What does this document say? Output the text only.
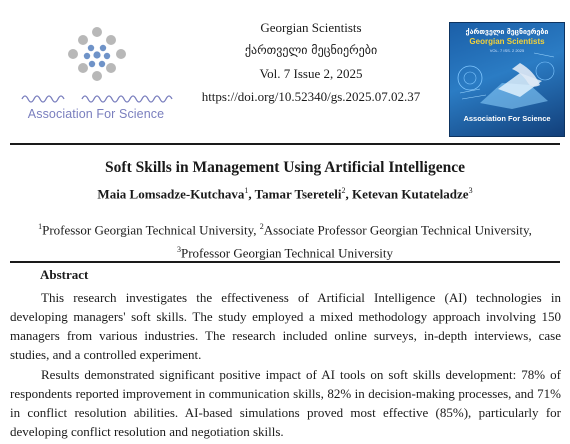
Association For Science
Georgian Scientists
ქართველი მეცნიერები
Vol. 7 Issue 2, 2025
https://doi.org/10.52340/gs.2025.07.02.37
ქართველი მეცნიერები
Georgian Scientists
VOL. 7 ISS. 2 2025
Association For Science
Soft Skills in Management Using Artificial Intelligence
Maia Lomsadze-Kutchava$^1$, Tamar Tsereteli$^2$, Ketevan Kutateladze$^3$
$^1$Professor Georgian Technical University, $^2$Associate Professor Georgian Technical University,
$^3$Professor Georgian Technical University
Abstract

This research investigates the effectiveness of Artificial Intelligence (AI) technologies in developing managers' soft skills. The study employed a mixed methodology approach involving 150 managers from various industries. The research included online surveys, in-depth interviews, case studies, and a controlled experiment.

Results demonstrated significant positive impact of AI tools on soft skills development: 78% of respondents reported improvement in communication skills, 82% in decision-making processes, and 71% in conflict resolution abilities. AI-based simulations proved most effective (85%), particularly for developing conflict resolution and negotiation skills.
